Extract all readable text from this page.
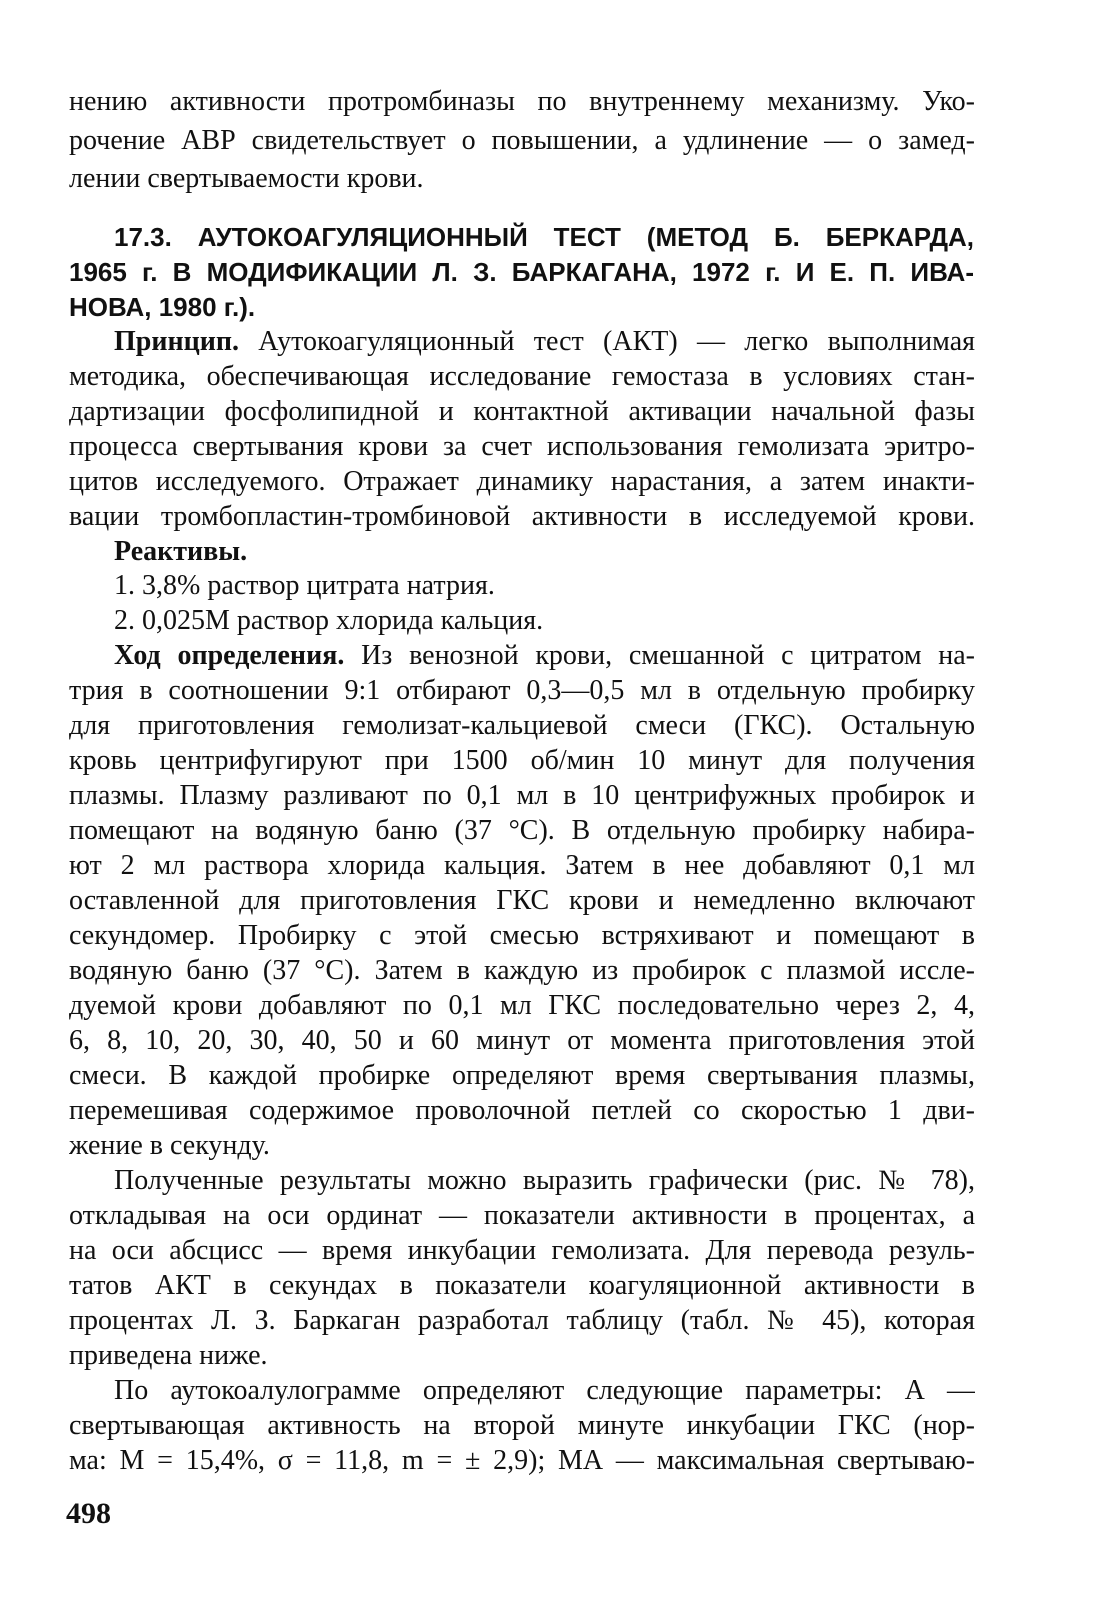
нению активности протромбиназы по внутреннему механизму. Уко-
рочение АВР свидетельствует о повышении, а удлинение — о замед-
лении свертываемости крови.
17.3. АУТОКОАГУЛЯЦИОННЫЙ ТЕСТ (МЕТОД Б. БЕРКАРДА,
1965 г. В МОДИФИКАЦИИ Л. З. БАРКАГАНА, 1972 г. И Е. П. ИВА-
НОВА, 1980 г.).
Принцип. Аутокоагуляционный тест (АКТ) — легко выполнимая
методика, обеспечивающая исследование гемостаза в условиях стан-
дартизации фосфолипидной и контактной активации начальной фазы
процесса свертывания крови за счет использования гемолизата эритро-
цитов исследуемого. Отражает динамику нарастания, а затем инакти-
вации тромбопластин-тромбиновой активности в исследуемой крови.
Реактивы.
1. 3,8% раствор цитрата натрия.
2. 0,025М раствор хлорида кальция.
Ход определения. Из венозной крови, смешанной с цитратом на-
трия в соотношении 9:1 отбирают 0,3—0,5 мл в отдельную пробирку
для приготовления гемолизат-кальциевой смеси (ГКС). Остальную
кровь центрифугируют при 1500 об/мин 10 минут для получения
плазмы. Плазму разливают по 0,1 мл в 10 центрифужных пробирок и
помещают на водяную баню (37 °С). В отдельную пробирку набира-
ют 2 мл раствора хлорида кальция. Затем в нее добавляют 0,1 мл
оставленной для приготовления ГКС крови и немедленно включают
секундомер. Пробирку с этой смесью встряхивают и помещают в
водяную баню (37 °С). Затем в каждую из пробирок с плазмой иссле-
дуемой крови добавляют по 0,1 мл ГКС последовательно через 2, 4,
6, 8, 10, 20, 30, 40, 50 и 60 минут от момента приготовления этой
смеси. В каждой пробирке определяют время свертывания плазмы,
перемешивая содержимое проволочной петлей со скоростью 1 дви-
жение в секунду.
Полученные результаты можно выразить графически (рис. № 78),
откладывая на оси ординат — показатели активности в процентах, а
на оси абсцисс — время инкубации гемолизата. Для перевода резуль-
татов АКТ в секундах в показатели коагуляционной активности в
процентах Л. З. Баркаган разработал таблицу (табл. № 45), которая
приведена ниже.
По аутокоалулограмме определяют следующие параметры: А —
свертывающая активность на второй минуте инкубации ГКС (нор-
ма: М = 15,4%, σ = 11,8, m = ± 2,9); МА — максимальная свертываю-
498
